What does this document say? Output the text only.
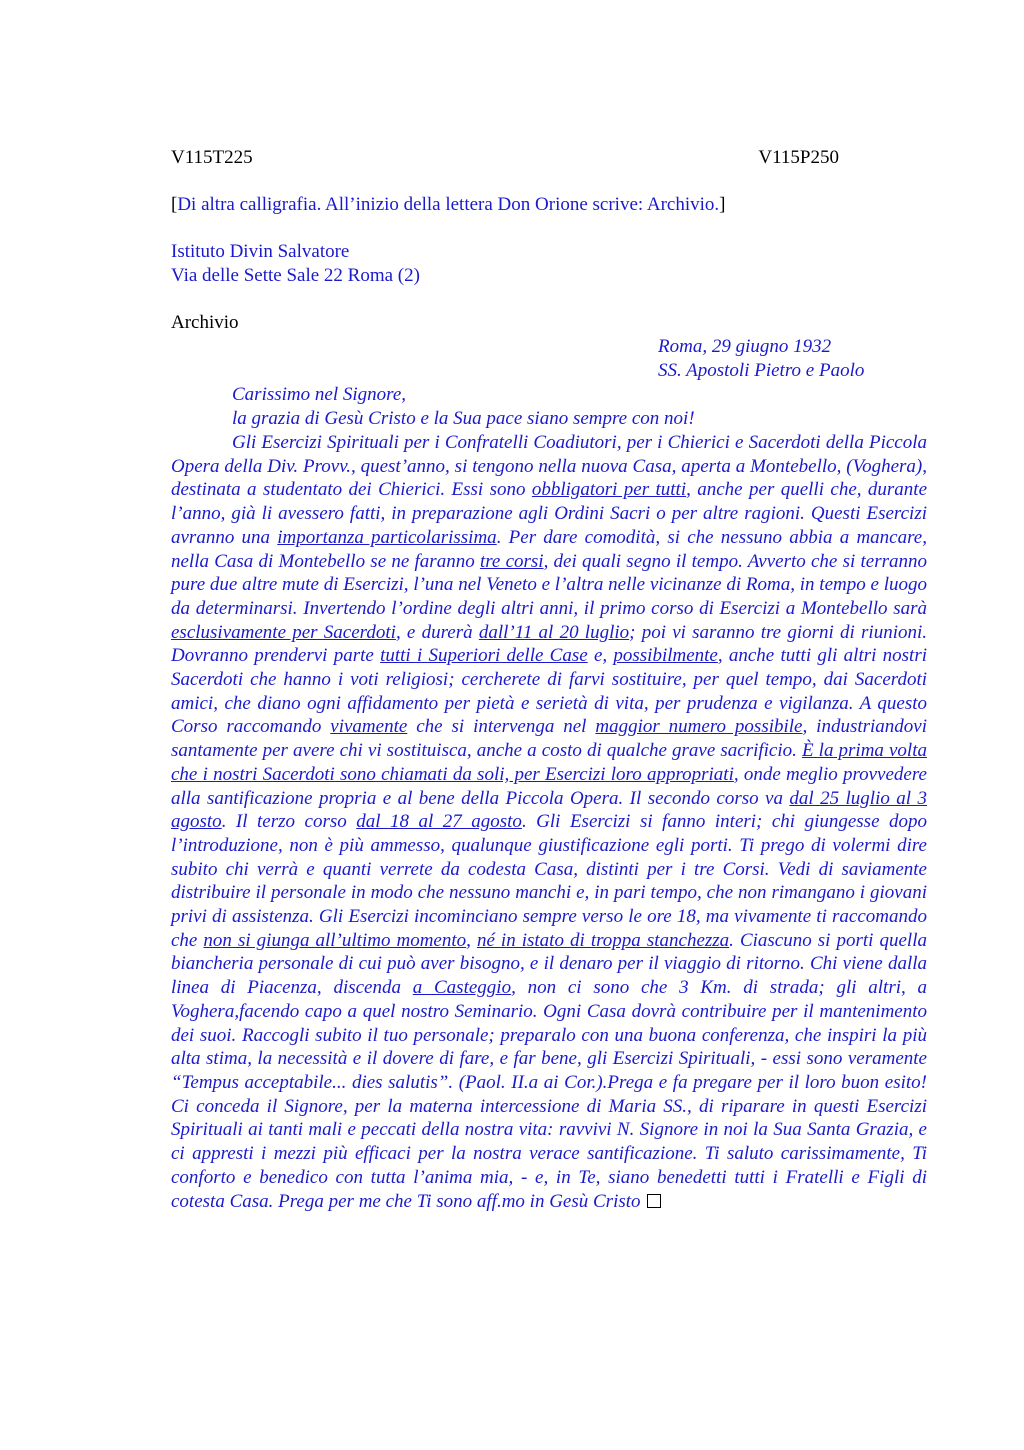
V115T225	V115P250
[Di altra calligrafia. All’inizio della lettera Don Orione scrive: Archivio.]
Istituto Divin Salvatore
Via delle Sette Sale 22 Roma (2)
Archivio
Roma, 29 giugno 1932
SS. Apostoli Pietro e Paolo
Carissimo nel Signore,
la grazia di Gesù Cristo e la Sua pace siano sempre con noi!

Gli Esercizi Spirituali per i Confratelli Coadiutori, per i Chierici e Sacerdoti della Piccola Opera della Div. Provv., quest’anno, si tengono nella nuova Casa, aperta a Montebello, (Voghera), destinata a studentato dei Chierici. Essi sono obbligatori per tutti, anche per quelli che, durante l’anno, già li avessero fatti, in preparazione agli Ordini Sacri o per altre ragioni. Questi Esercizi avranno una importanza particolarissima. Per dare comodità, si che nessuno abbia a mancare, nella Casa di Montebello se ne faranno tre corsi, dei quali segno il tempo. Avverto che si terranno pure due altre mute di Esercizi, l’una nel Veneto e l’altra nelle vicinanze di Roma, in tempo e luogo da determinarsi. Invertendo l’ordine degli altri anni, il primo corso di Esercizi a Montebello sarà esclusivamente per Sacerdoti, e durerà dall’11 al 20 luglio; poi vi saranno tre giorni di riunioni. Dovranno prendervi parte tutti i Superiori delle Case e, possibilmente, anche tutti gli altri nostri Sacerdoti che hanno i voti religiosi; cercherete di farvi sostituire, per quel tempo, dai Sacerdoti amici, che diano ogni affidamento per pietà e serietà di vita, per prudenza e vigilanza. A questo Corso raccomando vivamente che si intervenga nel maggior numero possibile, industriandovi santamente per avere chi vi sostituisca, anche a costo di qualche grave sacrificio. È la prima volta che i nostri Sacerdoti sono chiamati da soli, per Esercizi loro appropriati, onde meglio provvedere alla santificazione propria e al bene della Piccola Opera. Il secondo corso va dal 25 luglio al 3 agosto. Il terzo corso dal 18 al 27 agosto. Gli Esercizi si fanno interi; chi giungesse dopo l’introduzione, non è più ammesso, qualunque giustificazione egli porti. Ti prego di volermi dire subito chi verrà e quanti verrete da codesta Casa, distinti per i tre Corsi. Vedi di saviamente distribuire il personale in modo che nessuno manchi e, in pari tempo, che non rimangano i giovani privi di assistenza. Gli Esercizi incominciano sempre verso le ore 18, ma vivamente ti raccomando che non si giunga all’ultimo momento, né in istato di troppa stanchezza. Ciascuno si porti quella biancheria personale di cui può aver bisogno, e il denaro per il viaggio di ritorno. Chi viene dalla linea di Piacenza, discenda a Casteggio, non ci sono che 3 Km. di strada; gli altri, a Voghera,facendo capo a quel nostro Seminario. Ogni Casa dovrà contribuire per il mantenimento dei suoi. Raccogli subito il tuo personale; preparalo con una buona conferenza, che inspiri la più alta stima, la necessità e il dovere di fare, e far bene, gli Esercizi Spirituali, - essi sono veramente “Tempus acceptabile... dies salutis”. (Paol. II.a ai Cor.).Prega e fa pregare per il loro buon esito! Ci conceda il Signore, per la materna intercessione di Maria SS., di riparare in questi Esercizi Spirituali ai tanti mali e peccati della nostra vita: ravvivi N. Signore in noi la Sua Santa Grazia, e ci appresti i mezzi più efficaci per la nostra verace santificazione. Ti saluto carissimamente, Ti conforto e benedico con tutta l’anima mia, - e, in Te, siano benedetti tutti i Fratelli e Figli di cotesta Casa. Prega per me che Ti sono aff.mo in Gesù Cristo
